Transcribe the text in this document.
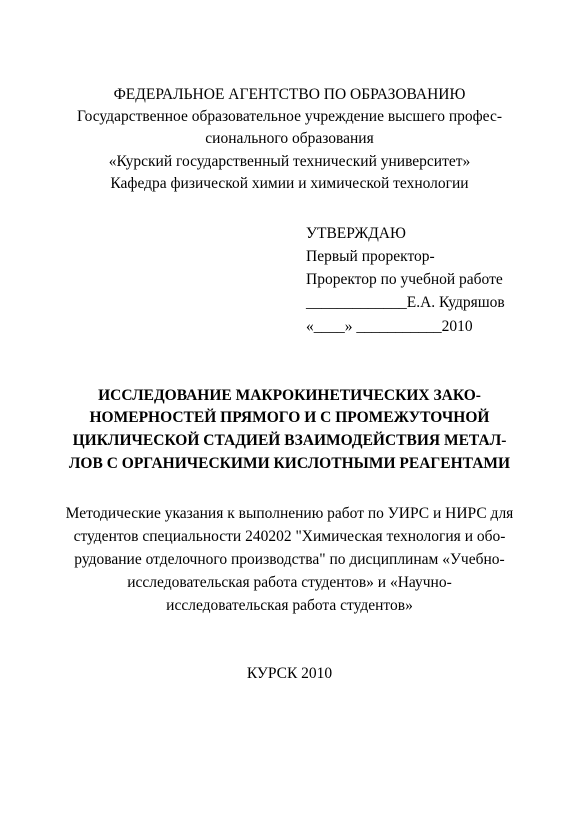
ФЕДЕРАЛЬНОЕ АГЕНТСТВО ПО ОБРАЗОВАНИЮ
Государственное образовательное учреждение высшего профес-
сионального образования
«Курский государственный технический университет»
Кафедра физической химии и химической технологии
УТВЕРЖДАЮ
Первый проректор-
Проректор по учебной работе
_____________Е.А. Кудряшов
«____» ___________2010
ИССЛЕДОВАНИЕ МАКРОКИНЕТИЧЕСКИХ ЗАКО-
НОМЕРНОСТЕЙ ПРЯМОГО И С ПРОМЕЖУТОЧНОЙ
ЦИКЛИЧЕСКОЙ СТАДИЕЙ ВЗАИМОДЕЙСТВИЯ МЕТАЛ-
ЛОВ С ОРГАНИЧЕСКИМИ КИСЛОТНЫМИ РЕАГЕНТАМИ
Методические указания к выполнению работ по УИРС и НИРС для
студентов специальности 240202 "Химическая технология и обо-
рудование отделочного производства" по дисциплинам «Учебно-
исследовательская работа студентов» и «Научно-
исследовательская работа студентов»
КУРСК 2010
